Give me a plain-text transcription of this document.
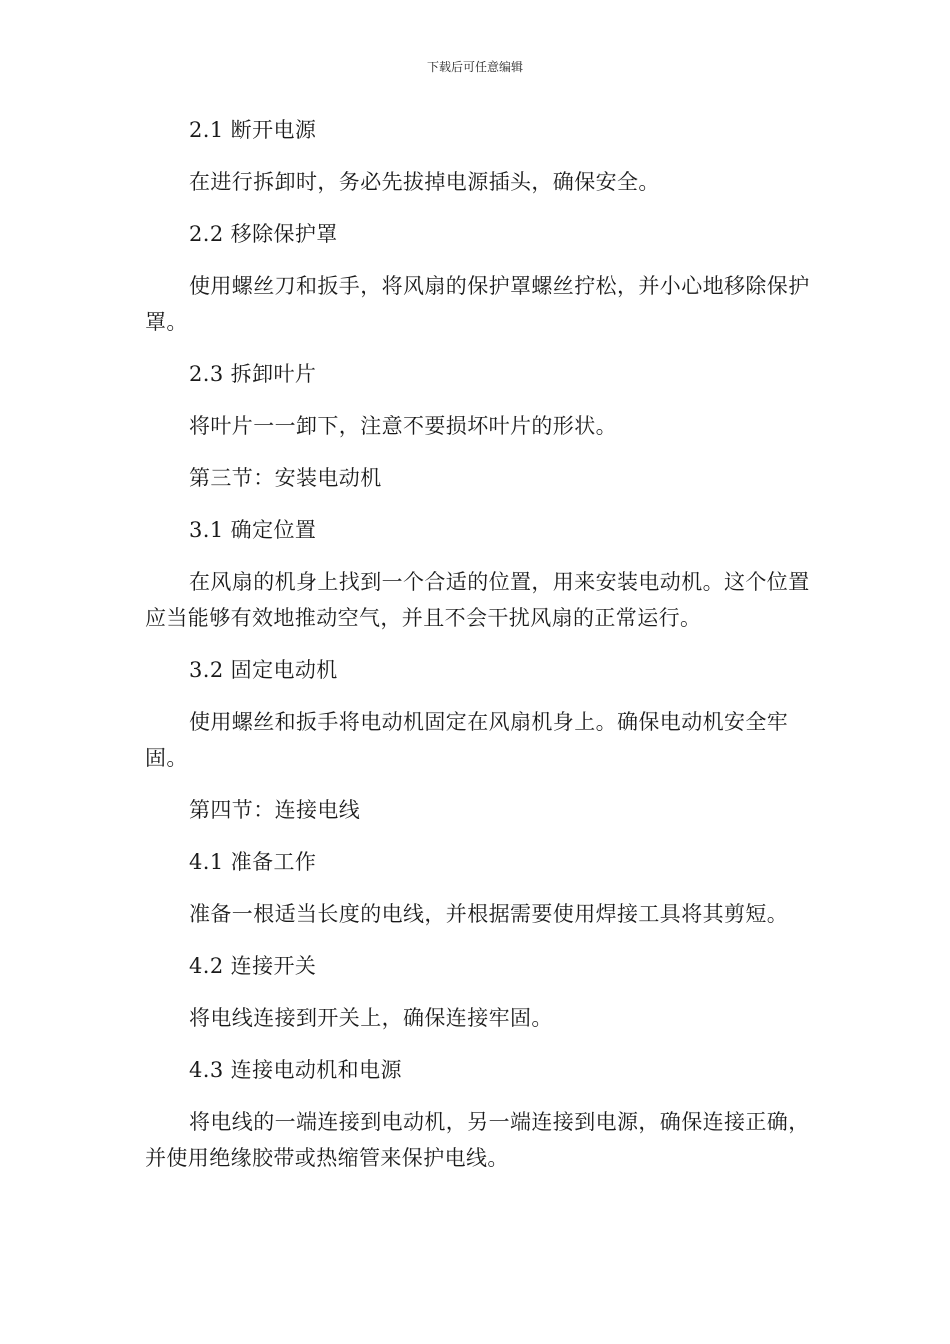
下载后可任意编辑

2.1 断开电源

在进行拆卸时，务必先拔掉电源插头，确保安全。

2.2 移除保护罩

使用螺丝刀和扳手，将风扇的保护罩螺丝拧松，并小心地移除保护罩。

2.3 拆卸叶片

将叶片一一卸下，注意不要损坏叶片的形状。

第三节：安装电动机

3.1 确定位置

在风扇的机身上找到一个合适的位置，用来安装电动机。这个位置应当能够有效地推动空气，并且不会干扰风扇的正常运行。

3.2 固定电动机

使用螺丝和扳手将电动机固定在风扇机身上。确保电动机安全牢固。

第四节：连接电线

4.1 准备工作

准备一根适当长度的电线，并根据需要使用焊接工具将其剪短。

4.2 连接开关

将电线连接到开关上，确保连接牢固。

4.3 连接电动机和电源

将电线的一端连接到电动机，另一端连接到电源，确保连接正确，并使用绝缘胶带或热缩管来保护电线。
